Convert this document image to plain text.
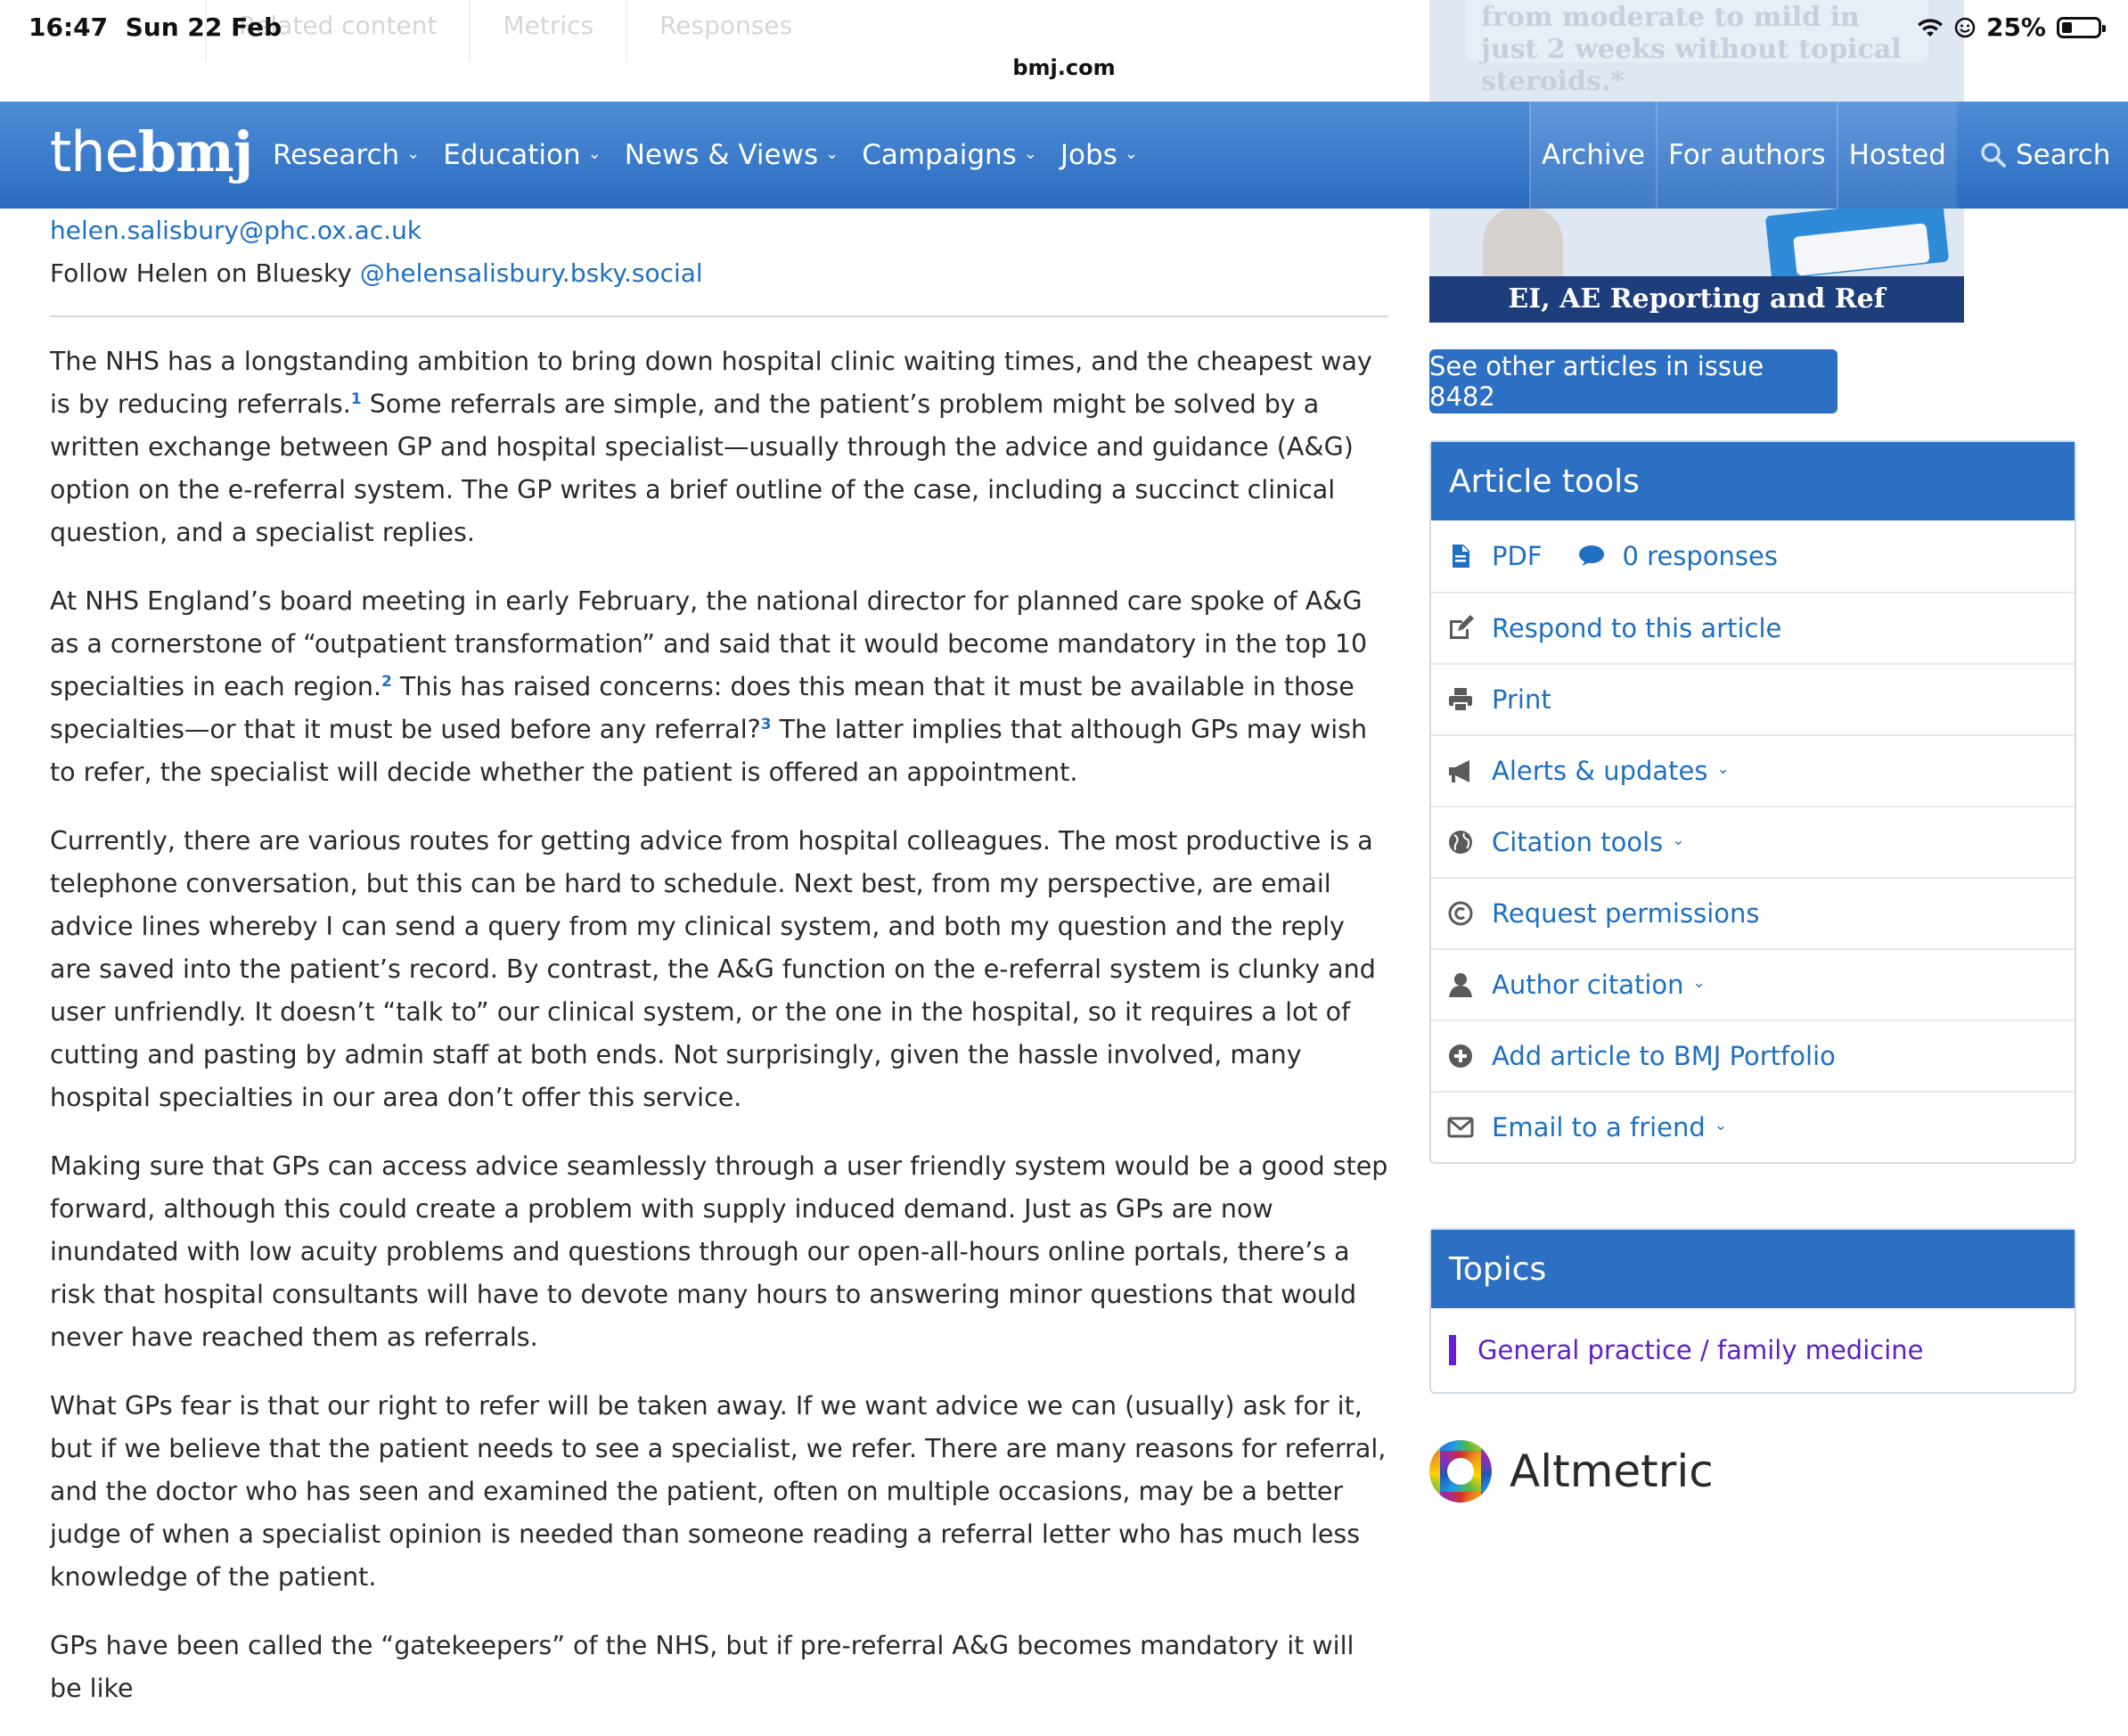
Related content	Metrics	Responses
16:47 Sun 22 Feb
bmj.com
from moderate to mild in just 2 weeks without topical steroids.*
EI, AE Reporting and Ref
25%
thebmj Research ⌄ Education ⌄ News & Views ⌄ Campaigns ⌄ Jobs ⌄	Archive For authors Hosted	Search
helen.salisbury@phc.ox.ac.uk
Follow Helen on Bluesky @helensalisbury.bsky.social

The NHS has a longstanding ambition to bring down hospital clinic waiting times, and the cheapest way is by reducing referrals.$^1$ Some referrals are simple, and the patient’s problem might be solved by a written exchange between GP and hospital specialist—usually through the advice and guidance (A&G) option on the e-referral system. The GP writes a brief outline of the case, including a succinct clinical question, and a specialist replies.

At NHS England’s board meeting in early February, the national director for planned care spoke of A&G as a cornerstone of “outpatient transformation” and said that it would become mandatory in the top 10 specialties in each region.$^2$ This has raised concerns: does this mean that it must be available in those specialties—or that it must be used before any referral?$^3$ The latter implies that although GPs may wish to refer, the specialist will decide whether the patient is offered an appointment.

Currently, there are various routes for getting advice from hospital colleagues. The most productive is a telephone conversation, but this can be hard to schedule. Next best, from my perspective, are email advice lines whereby I can send a query from my clinical system, and both my question and the reply are saved into the patient’s record. By contrast, the A&G function on the e-referral system is clunky and user unfriendly. It doesn’t “talk to” our clinical system, or the one in the hospital, so it requires a lot of cutting and pasting by admin staff at both ends. Not surprisingly, given the hassle involved, many hospital specialties in our area don’t offer this service.

Making sure that GPs can access advice seamlessly through a user friendly system would be a good step forward, although this could create a problem with supply induced demand. Just as GPs are now inundated with low acuity problems and questions through our open-all-hours online portals, there’s a risk that hospital consultants will have to devote many hours to answering minor questions that would never have reached them as referrals.

What GPs fear is that our right to refer will be taken away. If we want advice we can (usually) ask for it, but if we believe that the patient needs to see a specialist, we refer. There are many reasons for referral, and the doctor who has seen and examined the patient, often on multiple occasions, may be a better judge of when a specialist opinion is needed than someone reading a referral letter who has much less knowledge of the patient.

GPs have been called the “gatekeepers” of the NHS, but if pre-referral A&G becomes mandatory it will be like

See other articles in issue 8482
Article tools
PDF	0 responses
Respond to this article
Print
Alerts & updates ⌄
Citation tools ⌄
Request permissions
Author citation ⌄
Add article to BMJ Portfolio
Email to a friend ⌄
Topics
General practice / family medicine
Altmetric
